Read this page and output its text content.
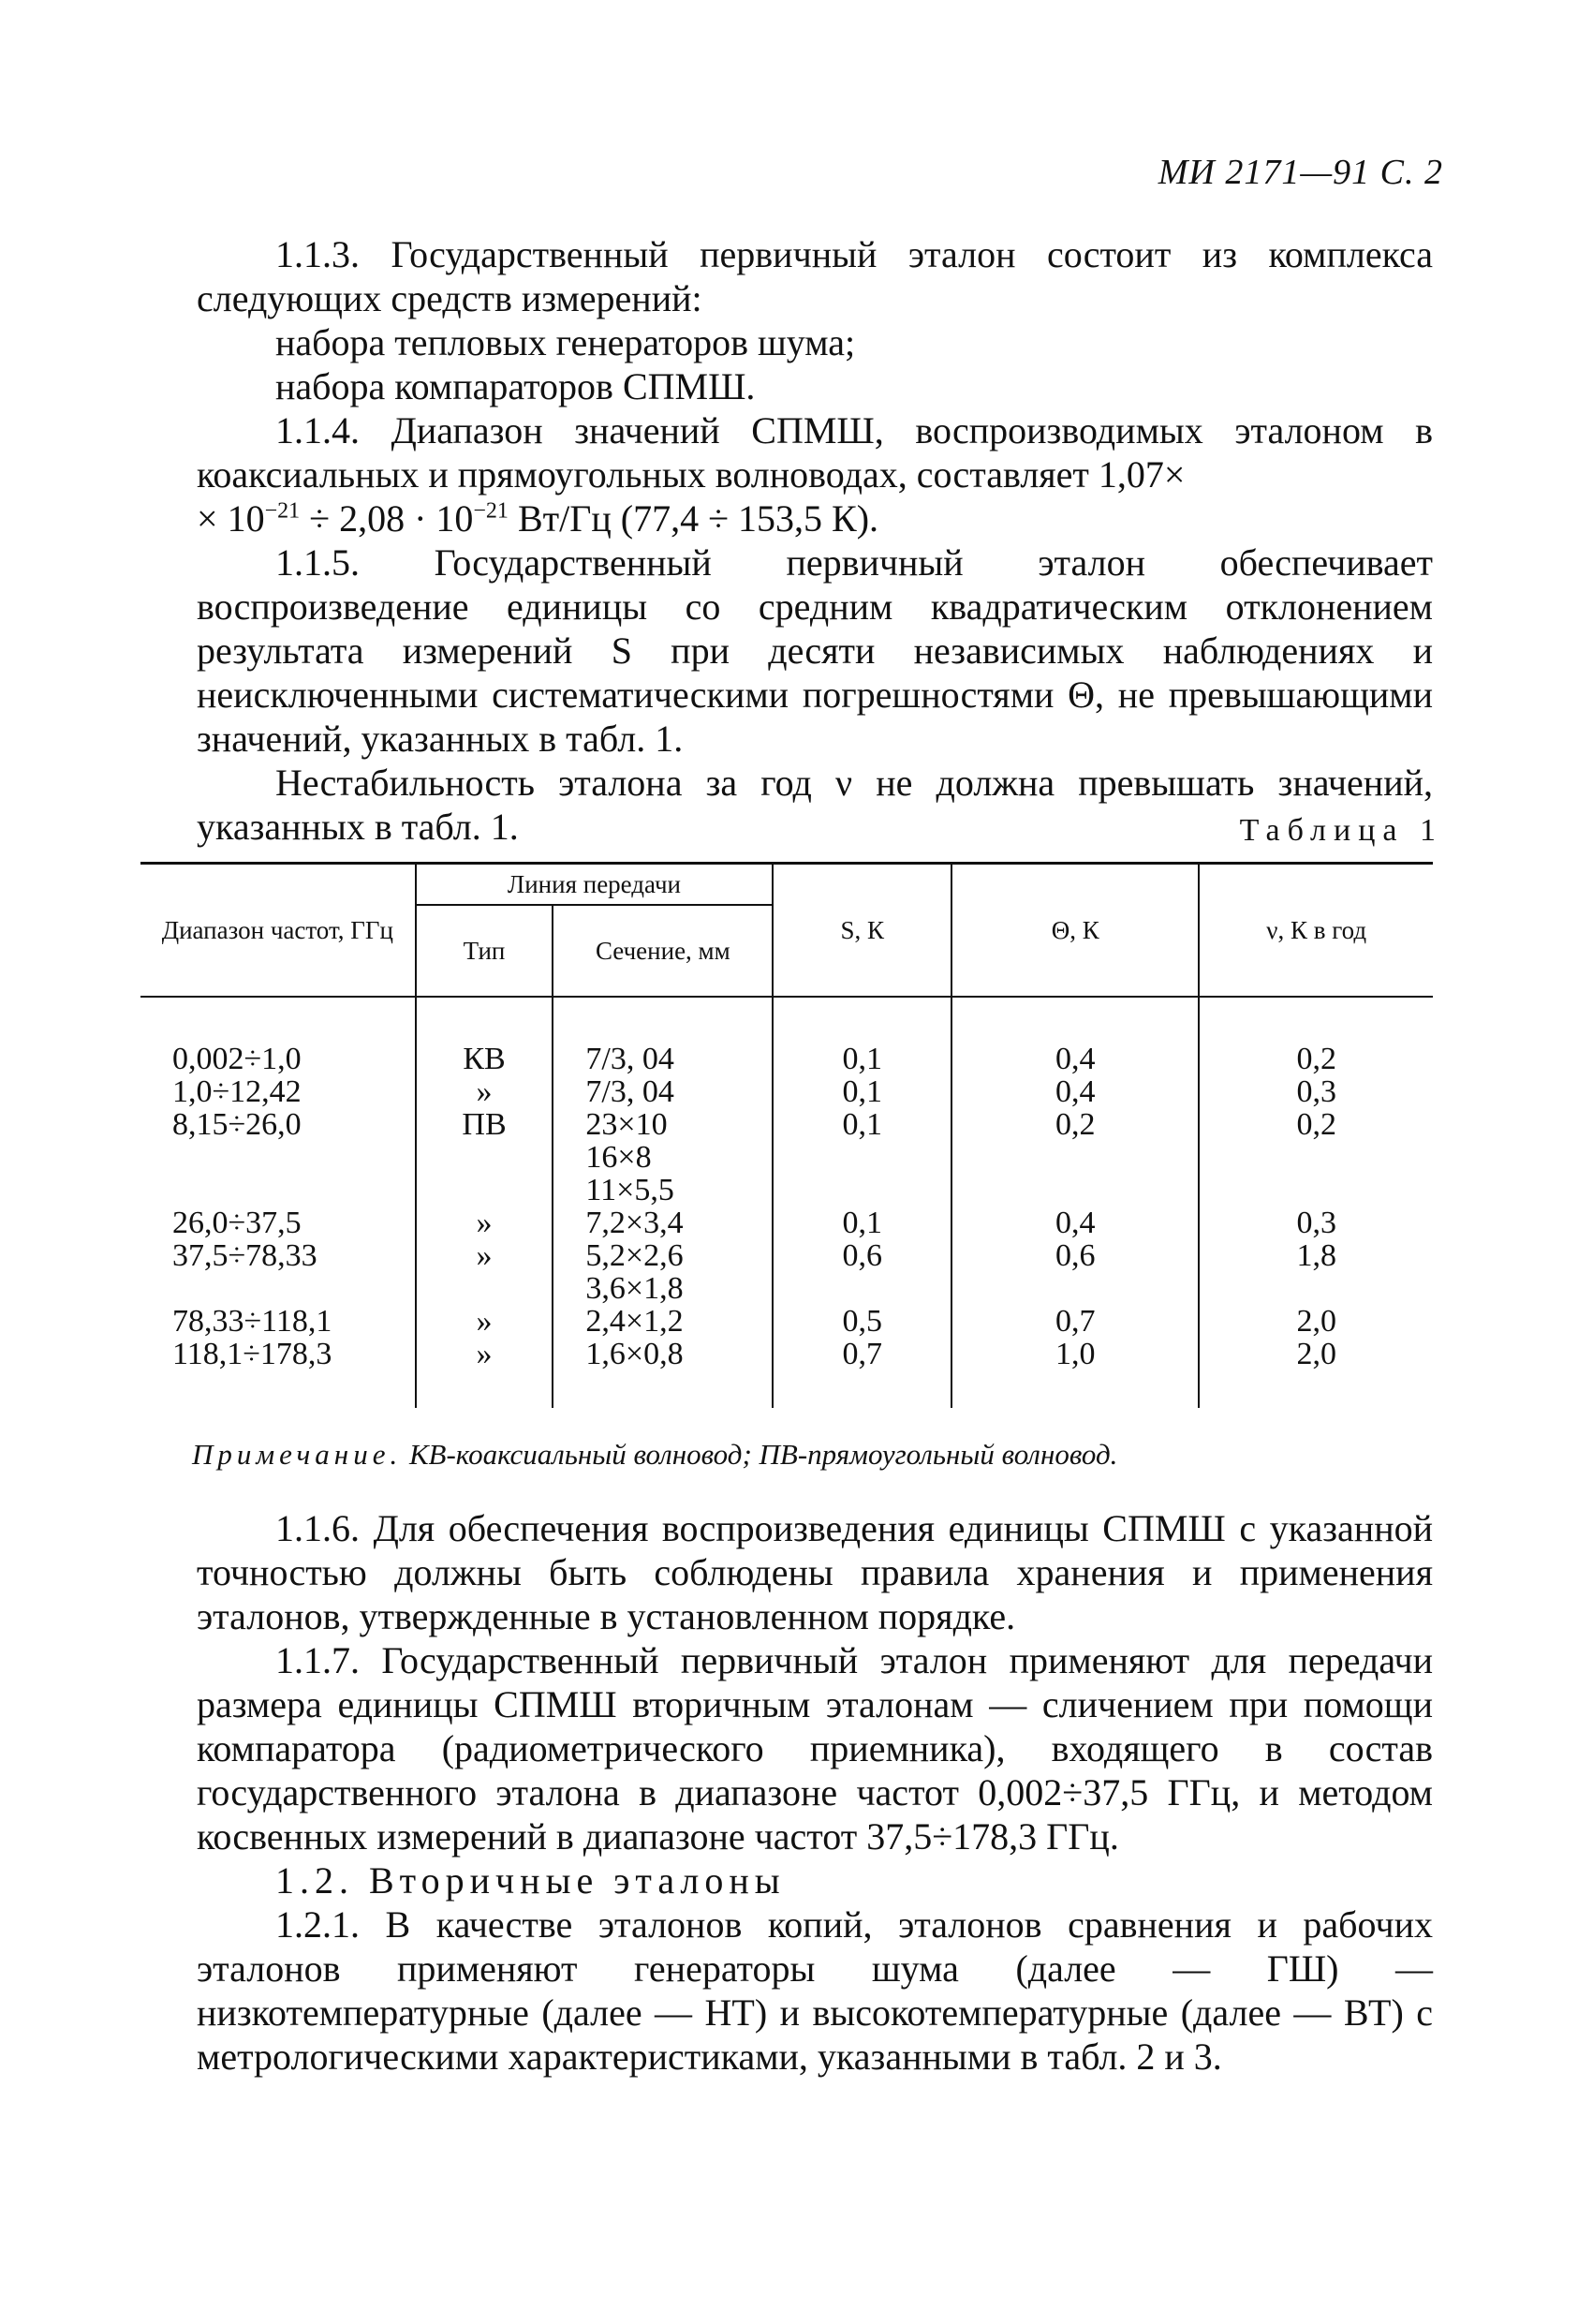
МИ 2171—91 С. 2

1.1.3. Государственный первичный эталон состоит из комплекса следующих средств измерений:

набора тепловых генераторов шума;

набора компараторов СПМШ.

1.1.4. Диапазон значений СПМШ, воспроизводимых эталоном в коаксиальных и прямоугольных волноводах, составляет 1,07×
× $10^{-21} \div 2,08 \cdot 10^{-21}$ Вт/Гц (77,4 ÷ 153,5 К).

1.1.5. Государственный первичный эталон обеспечивает воспроизведение единицы со средним квадратическим отклонением результата измерений S при десяти независимых наблюдениях и неисключенными систематическими погрешностями Θ, не превышающими значений, указанных в табл. 1.

Нестабильность эталона за год ν не должна превышать значений, указанных в табл. 1.	Таблица 1
Диапазон частот, ГГц	Линия передачи		S, К	Θ, К	ν, К в год
	Тип	Сечение, мм			
0,002÷1,0	КВ	7/3, 04	0,1	0,4	0,2
1,0÷12,42	»	7/3, 04	0,1	0,4	0,3
8,15÷26,0	ПВ	23×10	0,1	0,2	0,2
		16×8			
		11×5,5			
26,0÷37,5	»	7,2×3,4	0,1	0,4	0,3
37,5÷78,33	»	5,2×2,6	0,6	0,6	1,8
		3,6×1,8			
78,33÷118,1	»	2,4×1,2	0,5	0,7	2,0
118,1÷178,3	»	1,6×0,8	0,7	1,0	2,0
Примечание. КВ-коаксиальный волновод; ПВ-прямоугольный волновод.

1.1.6. Для обеспечения воспроизведения единицы СПМШ с указанной точностью должны быть соблюдены правила хранения и применения эталонов, утвержденные в установленном порядке.

1.1.7. Государственный первичный эталон применяют для передачи размера единицы СПМШ вторичным эталонам — сличением при помощи компаратора (радиометрического приемника), входящего в состав государственного эталона в диапазоне частот 0,002÷37,5 ГГц, и методом косвенных измерений в диапазоне частот 37,5÷178,3 ГГц.

1.2. Вторичные эталоны

1.2.1. В качестве эталонов копий, эталонов сравнения и рабочих эталонов применяют генераторы шума (далее — ГШ) — низкотемпературные (далее — НТ) и высокотемпературные (далее — ВТ) с метрологическими характеристиками, указанными в табл. 2 и 3.
